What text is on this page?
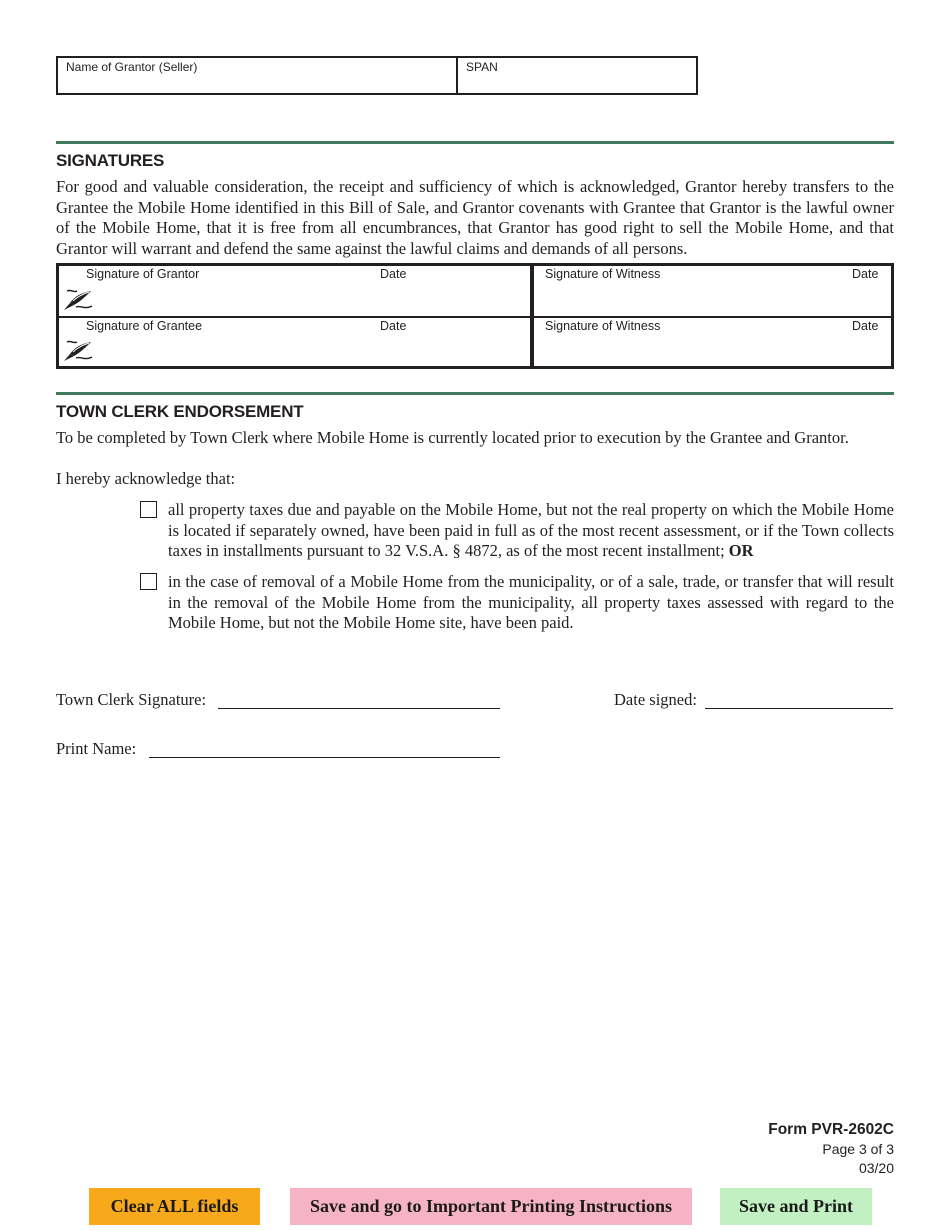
Name of Grantor (Seller)	SPAN
SIGNATURES
For good and valuable consideration, the receipt and sufficiency of which is acknowledged, Grantor hereby transfers to the Grantee the Mobile Home identified in this Bill of Sale, and Grantor covenants with Grantee that Grantor is the lawful owner of the Mobile Home, that it is free from all encumbrances, that Grantor has good right to sell the Mobile Home, and that Grantor will warrant and defend the same against the lawful claims and demands of all persons.
Signature of Grantor	Date	Signature of Witness	Date
Signature of Grantee	Date	Signature of Witness	Date
TOWN CLERK ENDORSEMENT
To be completed by Town Clerk where Mobile Home is currently located prior to execution by the Grantee and Grantor.
I hereby acknowledge that:
all property taxes due and payable on the Mobile Home, but not the real property on which the Mobile Home is located if separately owned, have been paid in full as of the most recent assessment, or if the Town collects taxes in installments pursuant to 32 V.S.A. § 4872, as of the most recent installment; OR
in the case of removal of a Mobile Home from the municipality, or of a sale, trade, or transfer that will result in the removal of the Mobile Home from the municipality, all property taxes assessed with regard to the Mobile Home, but not the Mobile Home site, have been paid.
Town Clerk Signature:	Date signed:
Print Name:
Form PVR-2602C
Page 3 of 3
03/20
Clear ALL fields	Save and go to Important Printing Instructions	Save and Print
